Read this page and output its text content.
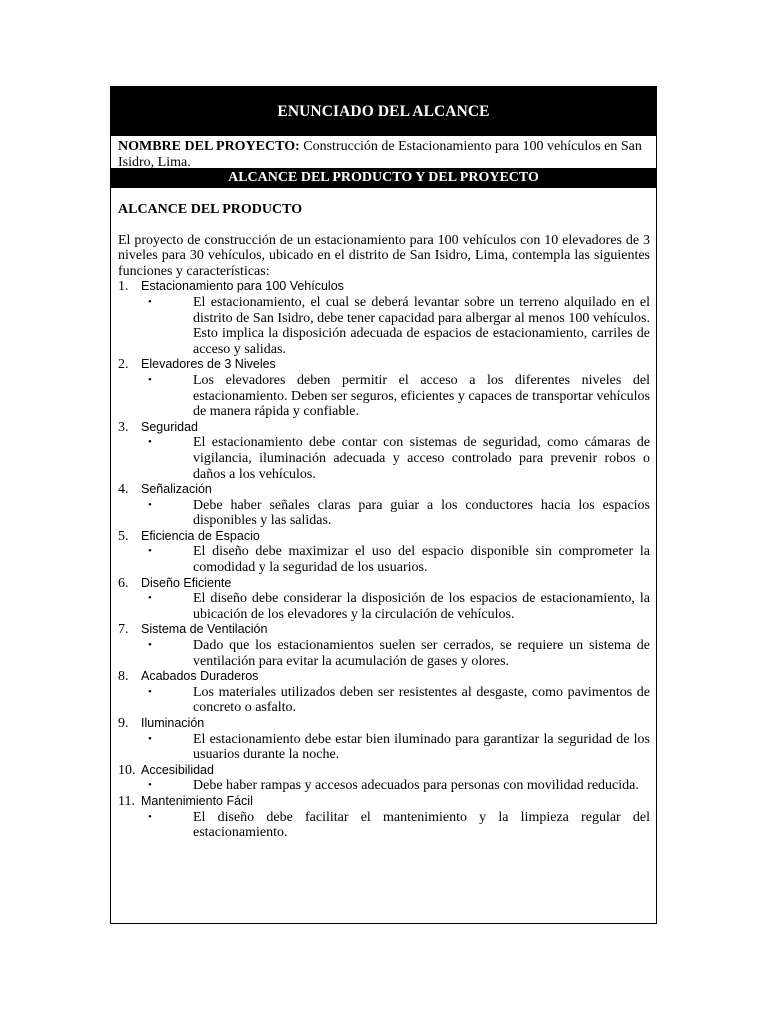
ENUNCIADO DEL ALCANCE
NOMBRE DEL PROYECTO: Construcción de Estacionamiento para 100 vehículos en San Isidro, Lima.
ALCANCE DEL PRODUCTO Y DEL PROYECTO
ALCANCE DEL PRODUCTO

El proyecto de construcción de un estacionamiento para 100 vehículos con 10 elevadores de 3 niveles para 30 vehículos, ubicado en el distrito de San Isidro, Lima, contempla las siguientes funciones y características:

1.	Estacionamiento para 100 Vehículos
•	El estacionamiento, el cual se deberá levantar sobre un terreno alquilado en el distrito de San Isidro, debe tener capacidad para albergar al menos 100 vehículos. Esto implica la disposición adecuada de espacios de estacionamiento, carriles de acceso y salidas.
2.	Elevadores de 3 Niveles
•	Los elevadores deben permitir el acceso a los diferentes niveles del estacionamiento. Deben ser seguros, eficientes y capaces de transportar vehículos de manera rápida y confiable.
3.	Seguridad
•	El estacionamiento debe contar con sistemas de seguridad, como cámaras de vigilancia, iluminación adecuada y acceso controlado para prevenir robos o daños a los vehículos.
4.	Señalización
•	Debe haber señales claras para guiar a los conductores hacia los espacios disponibles y las salidas.
5.	Eficiencia de Espacio
•	El diseño debe maximizar el uso del espacio disponible sin comprometer la comodidad y la seguridad de los usuarios.
6.	Diseño Eficiente
•	El diseño debe considerar la disposición de los espacios de estacionamiento, la ubicación de los elevadores y la circulación de vehículos.
7.	Sistema de Ventilación
•	Dado que los estacionamientos suelen ser cerrados, se requiere un sistema de ventilación para evitar la acumulación de gases y olores.
8.	Acabados Duraderos
•	Los materiales utilizados deben ser resistentes al desgaste, como pavimentos de concreto o asfalto.
9.	Iluminación
•	El estacionamiento debe estar bien iluminado para garantizar la seguridad de los usuarios durante la noche.
10. Accesibilidad
•	Debe haber rampas y accesos adecuados para personas con movilidad reducida.
11. Mantenimiento Fácil
•	El diseño debe facilitar el mantenimiento y la limpieza regular del estacionamiento.
